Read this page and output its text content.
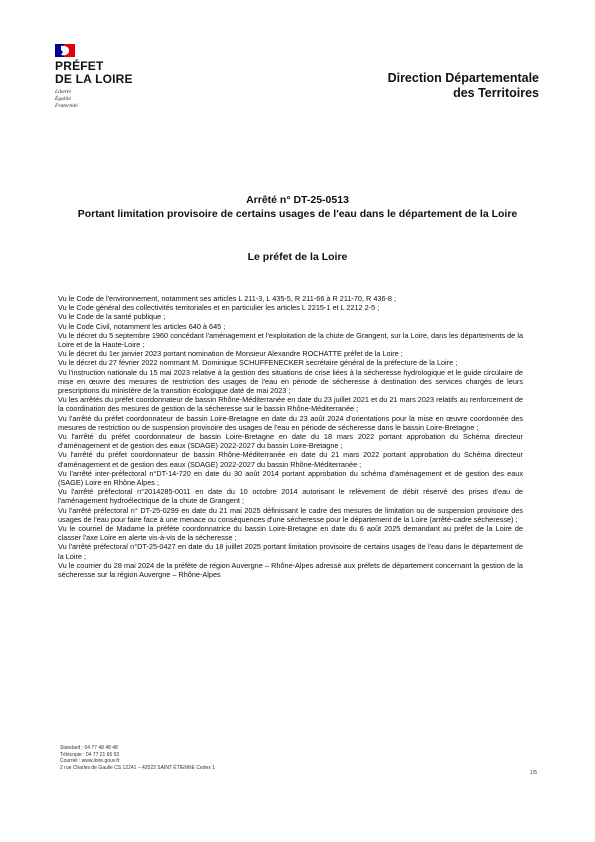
PRÉFET
DE LA LOIRE
Liberté
Égalité
Fraternité
Direction Départementale
des Territoires
Arrêté n° DT-25-0513
Portant limitation provisoire de certains usages de l'eau dans le département de la Loire
Le préfet de la Loire

Vu le Code de l'environnement, notamment ses articles L 211-3, L 435-5, R 211-66 à R 211-70, R 436-8 ;

Vu le Code général des collectivités territoriales et en particulier les articles L 2215-1 et L 2212 2-5 ;

Vu le Code de la santé publique ;

Vu le Code Civil, notamment les articles 640 à 645 ;

Vu le décret du 5 septembre 1960 concédant l'aménagement et l'exploitation de la chute de Grangent, sur la Loire, dans les départements de la Loire et de la Haute-Loire ;

Vu le décret du 1er janvier 2023 portant nomination de Monsieur Alexandre ROCHATTE préfet de la Loire ;

Vu le décret du 27 février 2022 nommant M. Dominique SCHUFFENECKER secrétaire général de la préfecture de la Loire ;

Vu l'instruction nationale du 15 mai 2023 relative à la gestion des situations de crise liées à la sécheresse hydrologique et le guide circulaire de mise en œuvre des mesures de restriction des usages de l'eau en période de sécheresse à destination des services chargés de leurs prescriptions du ministère de la transition écologique daté de mai 2023 ;

Vu les arrêtés du préfet coordonnateur de bassin Rhône-Méditerranée en date du 23 juillet 2021 et du 21 mars 2023 relatifs au renforcement de la coordination des mesures de gestion de la sécheresse sur le bassin Rhône-Méditerranée ;

Vu l'arrêté du préfet coordonnateur de bassin Loire-Bretagne en date du 23 août 2024 d'orientations pour la mise en œuvre coordonnée des mesures de restriction ou de suspension provisoire des usages de l'eau en période de sécheresse dans le bassin Loire-Bretagne ;

Vu l'arrêté du préfet coordonnateur de bassin Loire-Bretagne en date du 18 mars 2022 portant approbation du Schéma directeur d'aménagement et de gestion des eaux (SDAGE) 2022-2027 du bassin Loire-Bretagne ;

Vu l'arrêté du préfet coordonnateur de bassin Rhône-Méditerranée en date du 21 mars 2022 portant approbation du Schéma directeur d'aménagement et de gestion des eaux (SDAGE) 2022-2027 du bassin Rhône-Méditerranée ;

Vu l'arrêté inter-préfectoral n°DT-14-720 en date du 30 août 2014 portant approbation du schéma d'aménagement et de gestion des eaux (SAGE) Loire en Rhône Alpes ;

Vu l'arrêté préfectoral n°2014285-0011 en date du 10 octobre 2014 autorisant le relèvement de débit réservé des prises d'eau de l'aménagement hydroélectrique de la chute de Grangent ;

Vu l'arrêté préfectoral n° DT-25-0299 en date du 21 mai 2025 définissant le cadre des mesures de limitation ou de suspension provisoire des usages de l'eau pour faire face à une menace ou conséquences d'une sécheresse pour le département de la Loire (arrêté-cadre sécheresse) ;

Vu le courriel de Madame la préfète coordonnatrice du bassin Loire-Bretagne en date du 6 août 2025 demandant au préfet de la Loire de classer l'axe Loire en alerte vis-à-vis de la sécheresse ;

Vu l'arrêté préfectoral n°DT-25-0427 en date du 18 juillet 2025 portant limitation provisoire de certains usages de l'eau dans le département de la Loire ;

Vu le courrier du 28 mai 2024 de la préfète de région Auvergne – Rhône-Alpes adressé aux préfets de département concernant la gestion de la sécheresse sur la région Auvergne – Rhône-Alpes

Standard : 04 77 48 48 48
Télécopie : 04 77 21 65 93
Courriel : www.loire.gouv.fr
2 rue Charles de Gaulle CS 12241 – 42022 SAINT ÉTIENNE Cedex 1
1/5
